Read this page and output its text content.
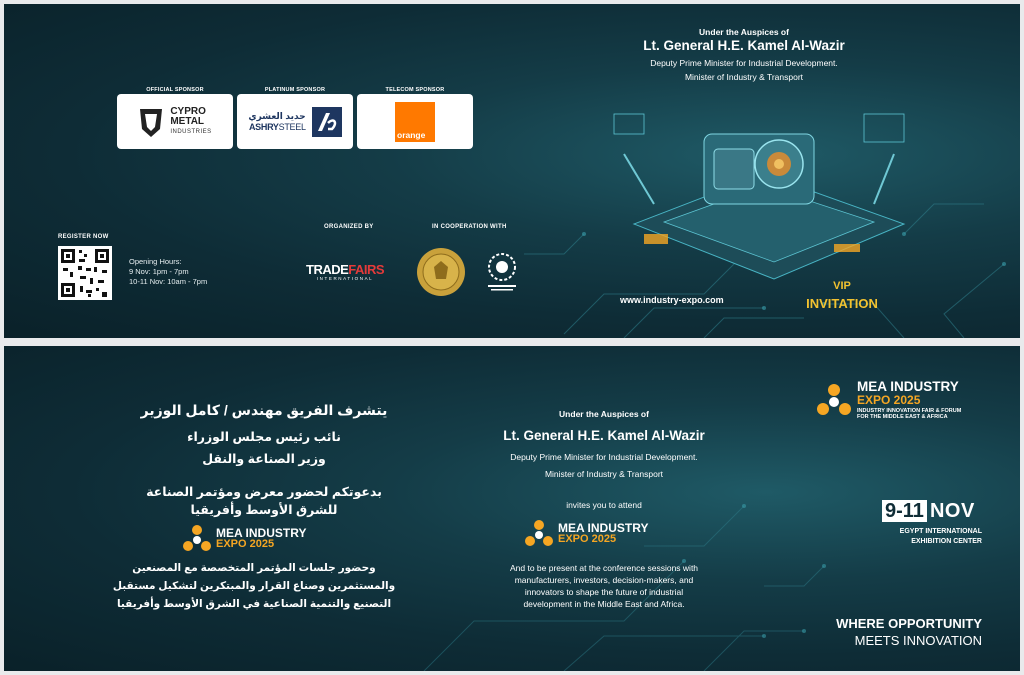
OFFICIAL SPONSOR	PLATINUM SPONSOR	TELECOM SPONSOR
CYPRO
METAL
INDUSTRIES
حديد العشري
ASHRYSTEEL
orange
REGISTER NOW
Opening Hours:
9 Nov: 1pm - 7pm
10-11 Nov: 10am - 7pm
ORGANIZED BY
TRADEFAIRS
INTERNATIONAL
IN COOPERATION WITH
Under the Auspices of
Lt. General H.E. Kamel Al-Wazir
Deputy Prime Minister for Industrial Development.
Minister of Industry & Transport
www.industry-expo.com
VIP
INVITATION
يتشرف الفريق مهندس / كامل الوزير
نائب رئيس مجلس الوزراء
وزير الصناعة والنقل
بدعوتكم لحضور معرض ومؤتمر الصناعة
للشرق الأوسط وأفريقيا
MEA INDUSTRY
EXPO 2025
وحضور جلسات المؤتمر المتخصصة مع المصنعين
والمستثمرين وصناع القرار والمبتكرين لتشكيل مستقبل
التصنيع والتنمية الصناعية في الشرق الأوسط وأفريقيا
Under the Auspices of
Lt. General H.E. Kamel Al-Wazir
Deputy Prime Minister for Industrial Development.
Minister of Industry & Transport
invites you to attend
MEA INDUSTRY
EXPO 2025
And to be present at the conference sessions with
manufacturers, investors, decision-makers, and
innovators to shape the future of industrial
development in the Middle East and Africa.
MEA INDUSTRY
EXPO 2025
INDUSTRY INNOVATION FAIR & FORUM
FOR THE MIDDLE EAST & AFRICA
9-11 NOV
EGYPT INTERNATIONAL
EXHIBITION CENTER
WHERE OPPORTUNITY
MEETS INNOVATION
